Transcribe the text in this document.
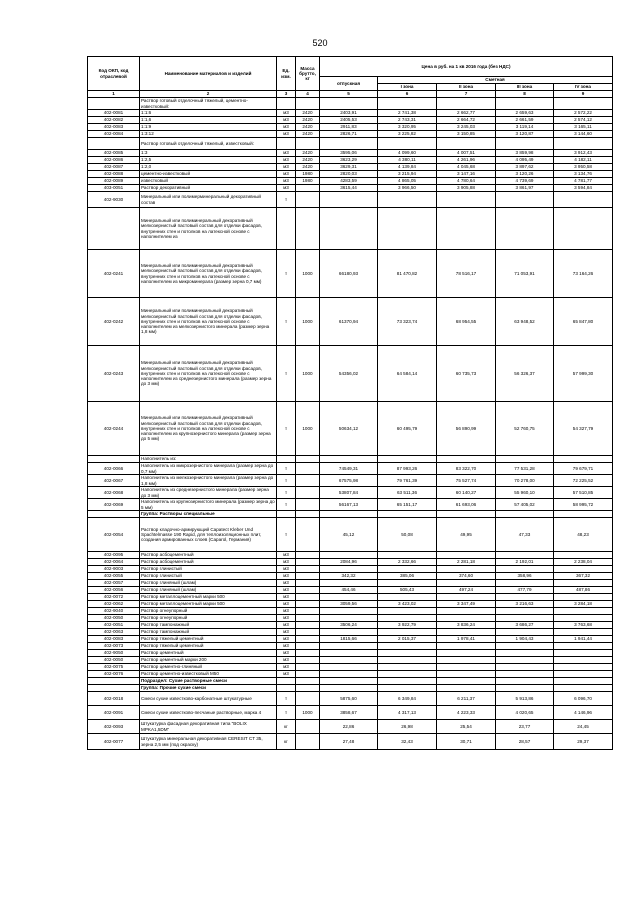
520
Код ОКП, код отраслевой	Наименование материалов и изделий	Ед. изм.	Масса брутто, кг	Цена в руб. на 1 кв 2016 года (без НДС)				
				отпускная	Сметная			
					I зона	II зона	III зона	IV зона
1	2	3	4	5	6	7	8	9
	Раствор готовый отделочный тяжелый, цементно-известковый:							
402-0081	1:1:6	м3	2420	2403,91	2 741,38	2 662,77	2 659,63	2 572,22
402-0082	1:1,6	м3	2420	2405,53	2 743,31	2 664,72	2 661,59	2 574,12
402-0083	1:1:9	м3	2420	2911,83	3 320,95	3 245,03	3 119,14	3 165,11
402-0084	1:3:12	м3	2420	2826,71	3 225,82	3 150,85	3 120,87	3 144,60
	Раствор готовый отделочный тяжелый, известковый:							
402-0085	1:3	м3	2420	3595,06	4 099,60	4 007,51	3 859,98	3 912,43
402-0086	1:2,5	м3	2420	3623,29	4 380,11	4 261,96	4 095,49	4 182,11
402-0087	1:2,0	м3	2420	3629,31	4 139,84	4 045,68	3 897,62	3 950,58
402-0088	цементно-известковый	м3	1980	2820,03	3 215,94	3 147,16	3 120,26	3 134,76
402-0089	известковый	м3	1980	4283,59	4 865,05	4 780,64	4 739,69	4 781,77
403-0051	Раствор декоративный	м3		3615,44	3 966,50	3 905,88	3 861,97	3 594,84
402-9030	Минеральный или полимерминеральный декоративный состав	т						
	Минеральный или полиминеральный декоративный мелкозернистый пастовый состав для отделки фасадов, внутренних стен и потолков на латексной основе с наполнителем из							
402-0241	Минеральный или полиминеральный декоративный мелкозернистый пастовый состав для отделки фасадов, внутренних стен и потолков на латексной основе с наполнителем из микроминерала (размер зерна 0,7 мм)	т	1000	66180,93	81 470,82	78 516,17	71 053,91	73 164,26
402-0242	Минеральный или полиминеральный декоративный мелкозернистый пастовый состав для отделки фасадов, внутренних стен и потолков на латексной основе с наполнителем из мелкозернистого минерала (размер зерна 1,8 мм)	т	1000	61370,94	73 323,74	68 954,55	63 948,52	65 847,80
402-0243	Минеральный или полиминеральный декоративный мелкозернистый пастовый состав для отделки фасадов, внутренних стен и потолков на латексной основе с наполнителем из среднезернистого минерала (размер зерна до 3 мм)	т	1000	54356,02	64 584,14	60 735,73	56 326,37	57 999,30
402-0244	Минеральный или полиминеральный декоративный мелкозернистый пастовый состав для отделки фасадов, внутренних стен и потолков на латексной основе с наполнителем из крупнозернистого минерала (размер зерна до 5 мм)	т	1000	50634,12	60 495,79	56 890,99	52 760,75	54 327,79
	Наполнитель из:							
402-0066	Наполнитель из микрозернистого минерала (размер зерна до 0,7 мм)	т		74549,31	87 993,26	83 322,70	77 531,28	79 679,71
402-0067	Наполнитель из мелкозернистого минерала (размер зерна до 1,8 мм)	т		67575,98	79 761,39	75 527,74	70 278,00	72 225,52
402-0068	Наполнитель из среднезернистого минерала (размер зерна до 3 мм)	т		53807,84	63 511,36	60 140,27	55 960,10	57 510,85
402-0069	Наполнитель из крупнозернистого минерала (размер зерна до 5 мм)	т		56167,13	65 151,17	61 693,06	57 405,02	58 995,72
	Группа: Растворы специальные							
402-0054	Раствор кладочно-армирующий Capatect Kleber Und Spachtelmasse 190 Rapid, для теплоизоляционных плит, создания армированных слоев (Caparol, Германия)	т		45,12	50,08	49,95	47,33	48,23
402-0095	Раствор асбоцементный	м3						
402-0064	Раствор асбоцементный	м3		2084,96	2 332,66	2 281,18	2 192,01	2 238,04
402-9003	Раствор глинистый	м3						
402-0055	Раствор глинистый	м3		342,32	385,06	374,60	358,96	367,32
402-0057	Раствор глиняный (шлам)	м3						
402-0056	Раствор глиняный (шлам)	м3		454,46	505,43	497,24	477,79	487,86
402-0072	Раствор металлоцементный марки 500	м3						
402-0062	Раствор металлоцементный марки 500	м3		3059,56	3 423,02	3 347,49	3 216,63	3 284,18
402-9040	Раствор огнеупорный	м3						
402-0050	Раствор огнеупорный	м3						
402-0051	Раствор тампонажный	м3		3506,24	3 922,79	3 836,24	3 686,27	3 763,68
402-0063	Раствор тампонажный	м3						
402-0083	Раствор тяжелый цементный	м3		1815,66	2 015,37	1 978,41	1 904,43	1 941,44
402-0073	Раствор тяжелый цементный	м3						
402-9050	Раствор цементный	м3						
402-0050	Раствор цементный марки 200	м3						
402-0075	Раствор цементно-глиняный	м3						
402-0076	Раствор цементно-известковый М50	м3						
	Подраздел: Сухие растворные смеси							
	Группа: Прочие сухие смеси							
402-0018	Смеси сухие известково-карбонатные штукатурные	т		5875,60	6 349,84	6 211,37	5 913,86	6 096,70
402-0091	Смеси сухие известково-песчаные растворные, марка 4	т	1000	3858,67	4 317,13	4 223,33	4 020,65	4 146,96
402-0093	Штукатурка фасадная декоративная типа "BOLIX MPKA1,5DM"	кг		22,86	26,98	25,54	23,77	24,45
402-0077	Штукатурка минеральная декоративная CERESIT CT 35, зерна 2,5 мм (под окраску)	кг		27,48	32,43	30,71	28,57	29,37
